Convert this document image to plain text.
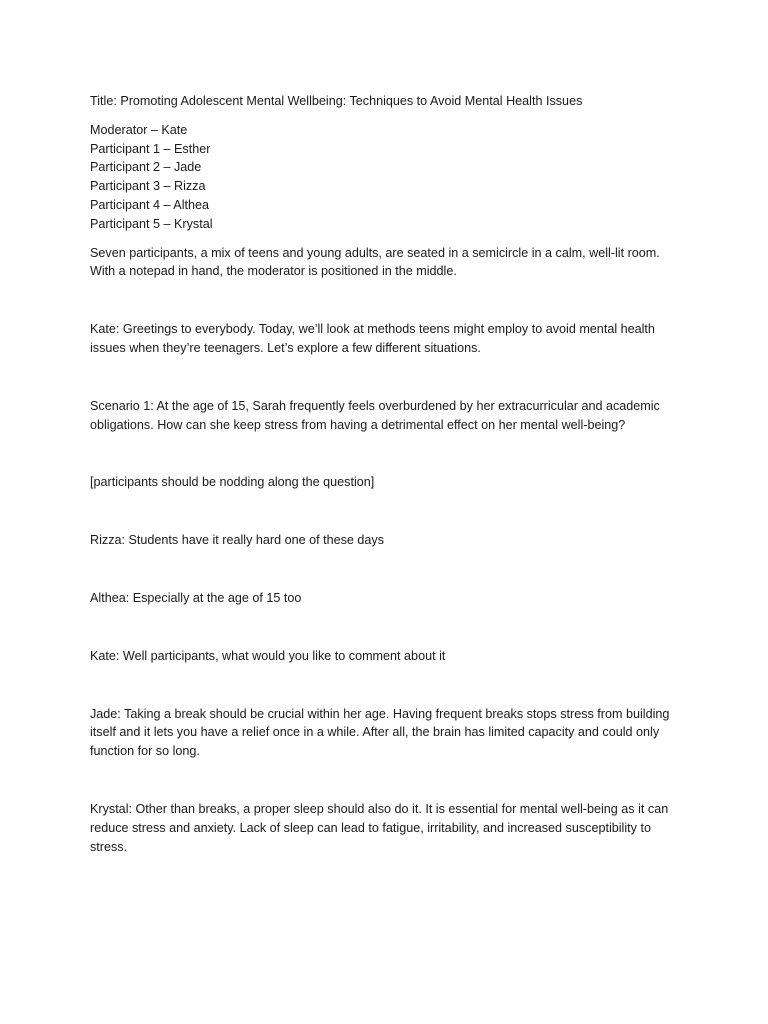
Title: Promoting Adolescent Mental Wellbeing: Techniques to Avoid Mental Health Issues

Moderator – Kate
Participant 1 – Esther
Participant 2 – Jade
Participant 3 – Rizza
Participant 4 – Althea
Participant 5 – Krystal

Seven participants, a mix of teens and young adults, are seated in a semicircle in a calm, well-lit room. With a notepad in hand, the moderator is positioned in the middle.

Kate: Greetings to everybody. Today, we’ll look at methods teens might employ to avoid mental health issues when they’re teenagers. Let’s explore a few different situations.

Scenario 1: At the age of 15, Sarah frequently feels overburdened by her extracurricular and academic obligations. How can she keep stress from having a detrimental effect on her mental well-being?

[participants should be nodding along the question]

Rizza: Students have it really hard one of these days

Althea: Especially at the age of 15 too

Kate: Well participants, what would you like to comment about it

Jade: Taking a break should be crucial within her age. Having frequent breaks stops stress from building itself and it lets you have a relief once in a while. After all, the brain has limited capacity and could only function for so long.

Krystal: Other than breaks, a proper sleep should also do it. It is essential for mental well-being as it can reduce stress and anxiety. Lack of sleep can lead to fatigue, irritability, and increased susceptibility to stress.
